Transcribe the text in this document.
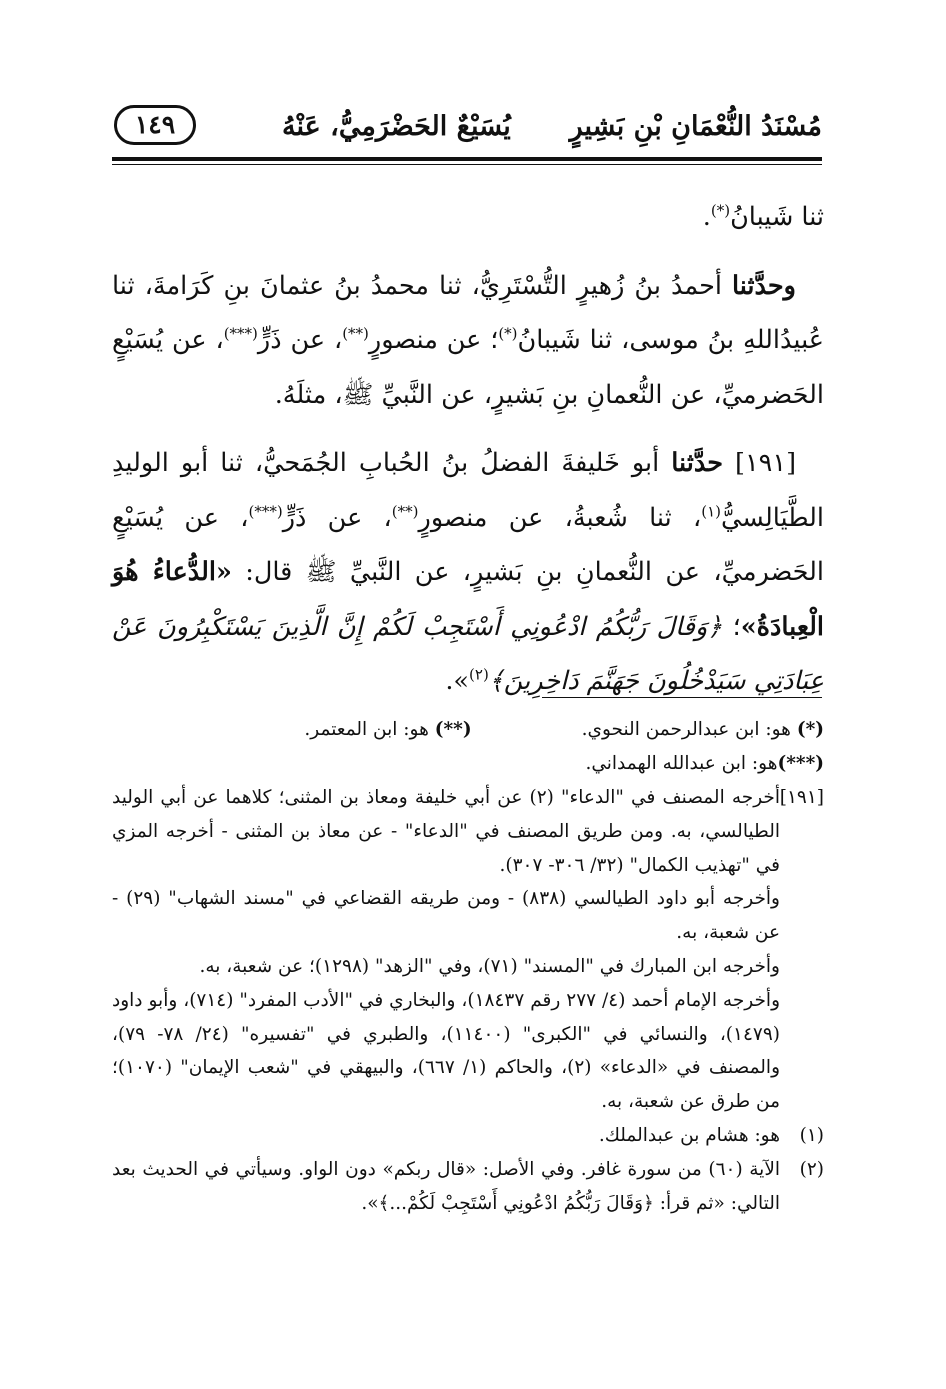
مُسْنَدُ النُّعْمَانِ بْنِ بَشِيرٍ
يُسَيْعٌ الحَضْرَمِيُّ، عَنْهُ
١٤٩

ثنا شَيبانُ(*).

وحدَّثنا أحمدُ بنُ زُهيرٍ التُّسْتَرِيُّ، ثنا محمدُ بنُ عثمانَ بنِ كَرَامةَ، ثنا عُبيدُاللهِ بنُ موسى، ثنا شَيبانُ(*)؛ عن منصورٍ(**)، عن ذَرٍّ(***)، عن يُسَيْعٍ الحَضرميِّ، عن النُّعمانِ بنِ بَشيرٍ، عن النَّبيِّ ﷺ، مثلَهُ.

[١٩١] حدَّثنا أبو خَليفةَ الفضلُ بنُ الحُبابِ الجُمَحيُّ، ثنا أبو الوليدِ الطَّيَالِسيُّ$^{(١)}$، ثنا شُعبةُ، عن منصورٍ(**)، عن ذَرٍّ(***)، عن يُسَيْعٍ الحَضرميِّ، عن النُّعمانِ بنِ بَشيرٍ، عن النَّبيِّ ﷺ قال: «الدُّعاءُ هُوَ الْعِبادَةُ»؛ ﴿وَقَالَ رَبُّكُمُ ادْعُونِي أَسْتَجِبْ لَكُمْ إِنَّ الَّذِينَ يَسْتَكْبِرُونَ عَنْ عِبَادَتِي سَيَدْخُلُونَ جَهَنَّمَ دَاخِرِينَ﴾$^{(٢)}$».

(*) هو: ابن عبدالرحمن النحوي.(**) هو: ابن المعتمر.
(***)هو: ابن عبدالله الهمداني.
[١٩١]

أخرجه المصنف في "الدعاء" (٢) عن أبي خليفة ومعاذ بن المثنى؛ كلاهما عن أبي الوليد الطيالسي، به. ومن طريق المصنف في "الدعاء" - عن معاذ بن المثنى - أخرجه المزي في "تهذيب الكمال" (٣٢/ ٣٠٦- ٣٠٧).

وأخرجه أبو داود الطيالسي (٨٣٨) - ومن طريقه القضاعي في "مسند الشهاب" (٢٩) - عن شعبة، به.

وأخرجه ابن المبارك في "المسند" (٧١)، وفي "الزهد" (١٢٩٨)؛ عن شعبة، به.

وأخرجه الإمام أحمد (٤/ ٢٧٧ رقم ١٨٤٣٧)، والبخاري في "الأدب المفرد" (٧١٤)، وأبو داود (١٤٧٩)، والنسائي في "الكبرى" (١١٤٠٠)، والطبري في "تفسيره" (٢٤/ ٧٨- ٧٩)، والمصنف في «الدعاء» (٢)، والحاكم (١/ ٦٦٧)، والبيهقي في "شعب الإيمان" (١٠٧٠)؛ من طرق عن شعبة، به.

(١)

هو: هشام بن عبدالملك.

(٢)

الآية (٦٠) من سورة غافر. وفي الأصل: «قال ربكم» دون الواو. وسيأتي في الحديث بعد التالي: «ثم قرأ: ﴿وَقَالَ رَبُّكُمُ ادْعُونِي أَسْتَجِبْ لَكُمْ...﴾».
